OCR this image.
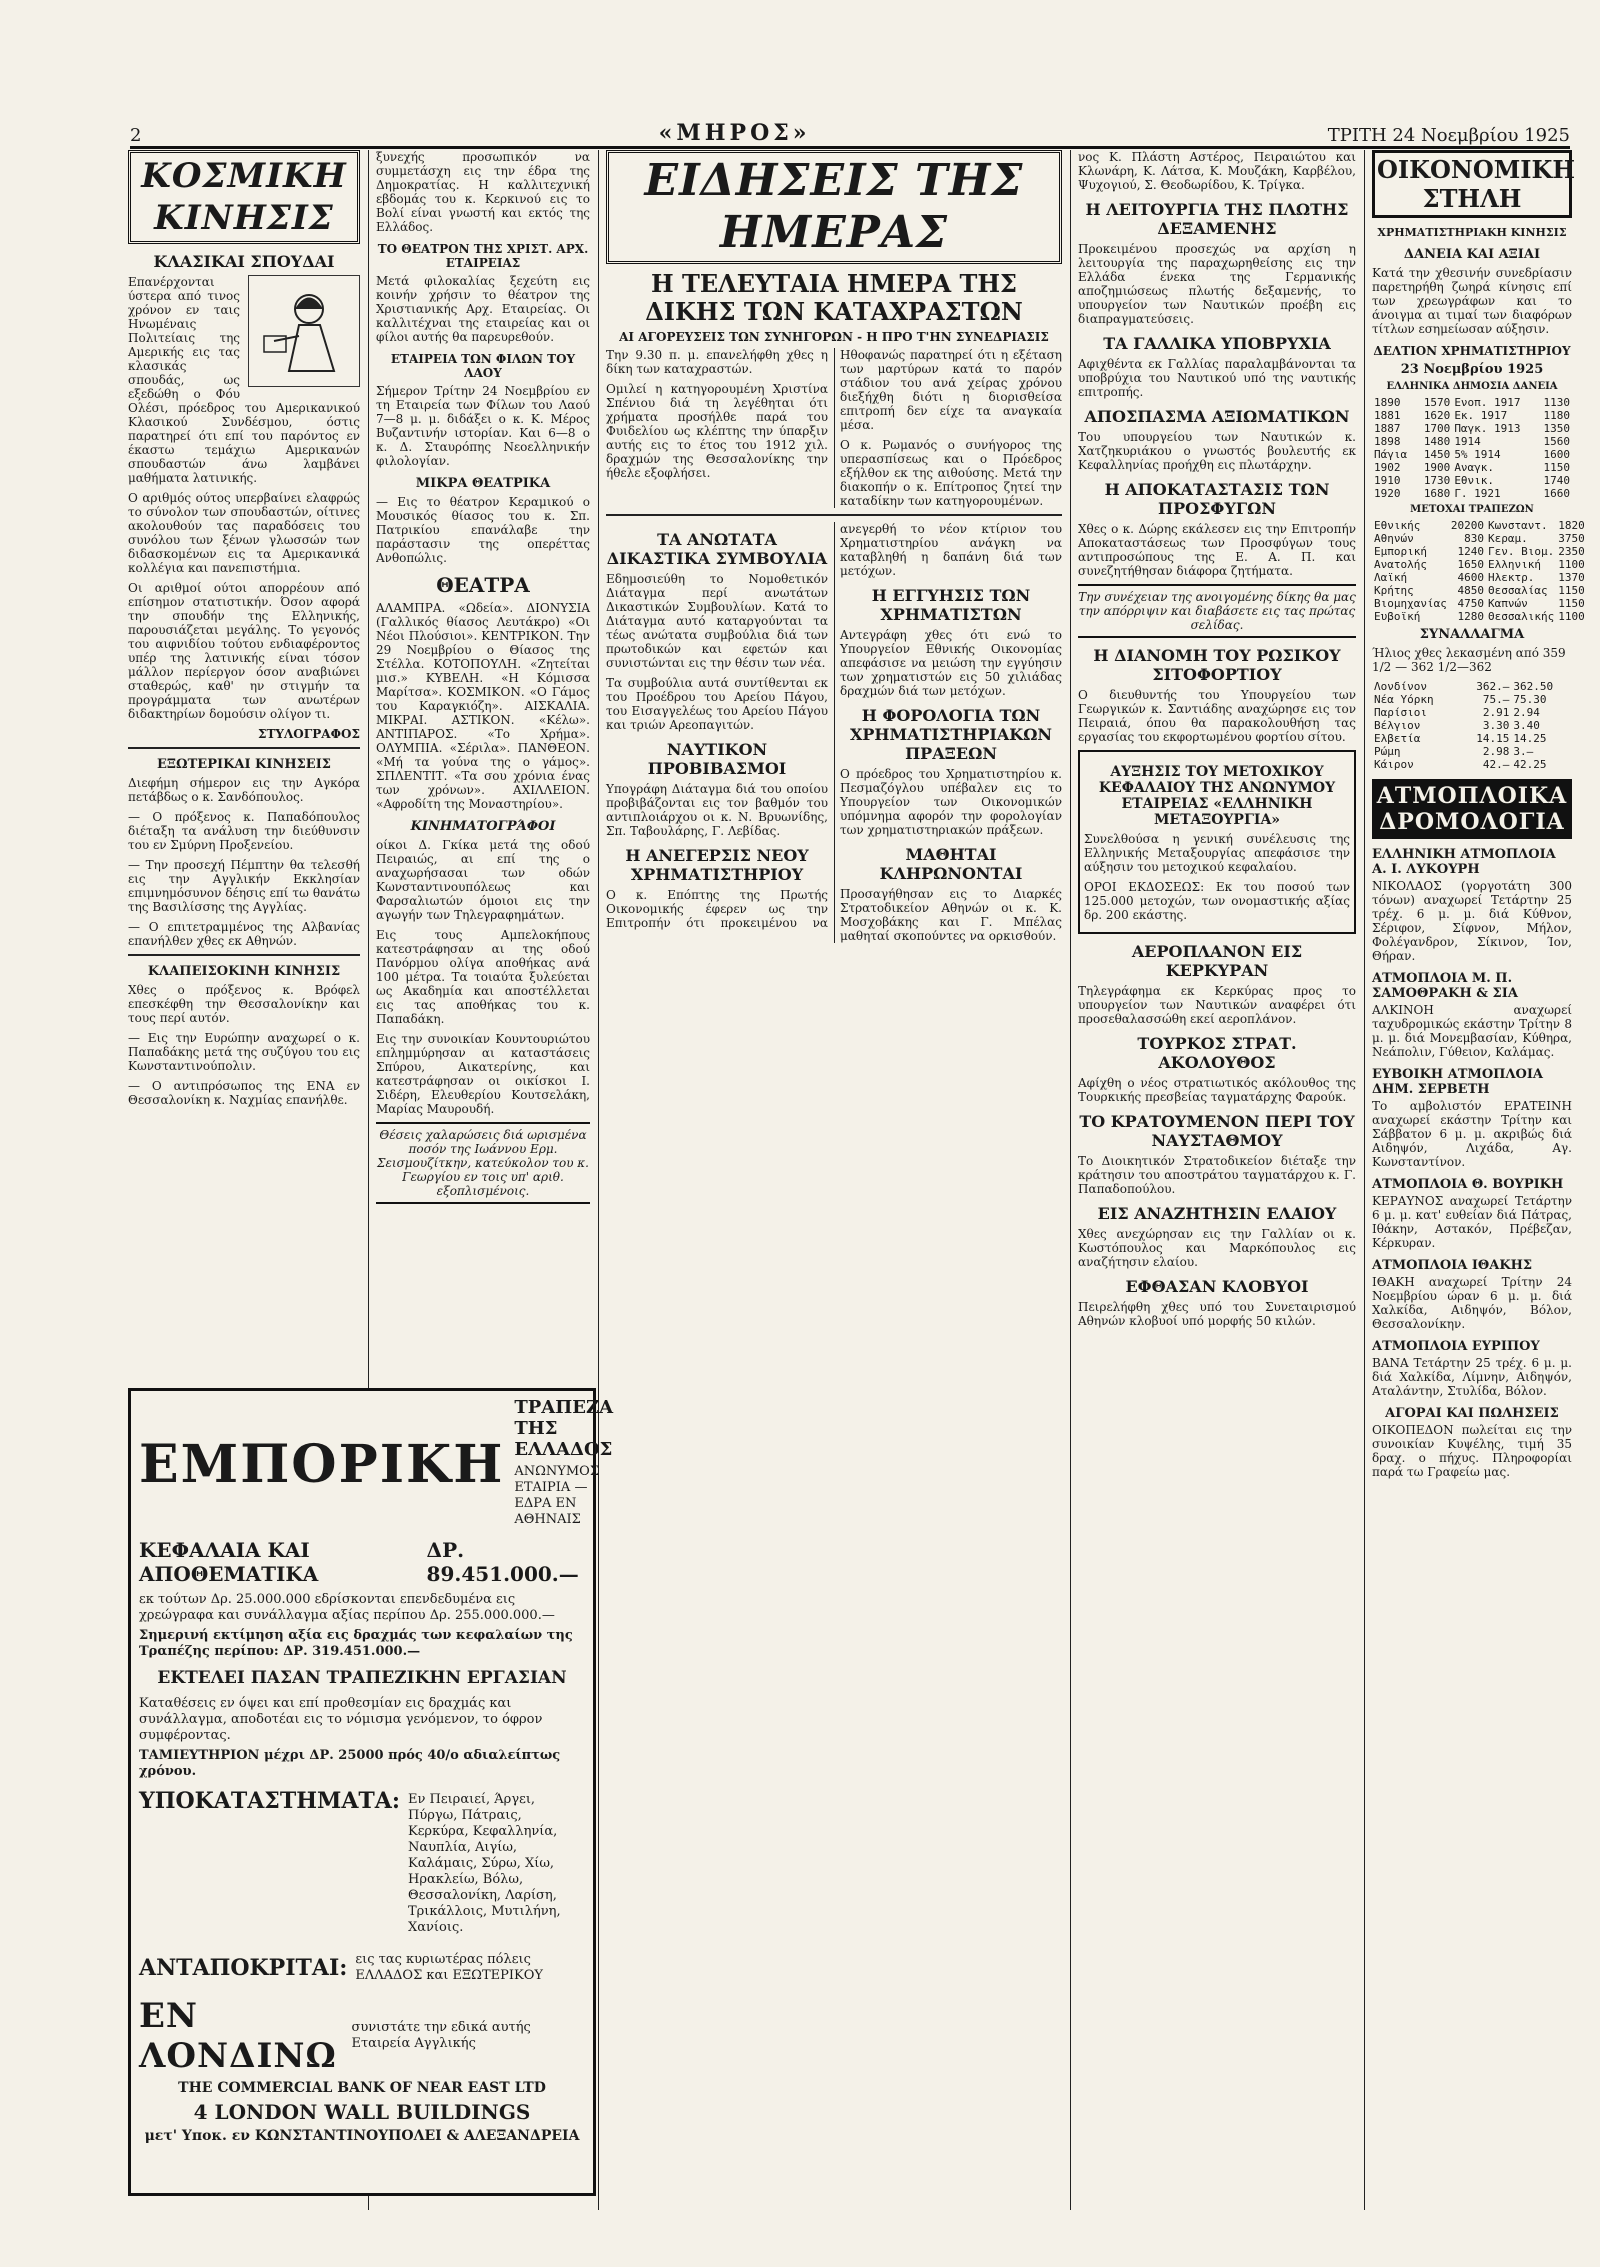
2	«ΜΗΡΟΣ»	ΤΡΙΤΗ 24 Νοεμβρίου 1925
ΚΟΣΜΙΚΗ ΚΙΝΗΣΙΣ
ΚΛΑΣΙΚΑΙ ΣΠΟΥΔΑΙ

Επανέρχονται ύστερα από τινος χρόνον εν ταις Ηνωμέναις Πολιτείαις της Αμερικής εις τας κλασικάς σπουδάς, ως εξεδώθη ο Φόυ Ολέσι, πρόεδρος του Αμερικανικού Κλασικού Συνδέσμου, όστις παρατηρεί ότι επί του παρόντος εν έκαστω τεμάχιω Αμερικανών σπουδαστών άνω λαμβάνει μαθήματα λατινικής.

Ο αριθμός ούτος υπερβαίνει ελαφρώς το σύνολον των σπουδαστών, οίτινες ακολουθούν τας παραδόσεις του συνόλου των ξένων γλωσσών των διδασκομένων εις τα Αμερικανικά κολλέγια και πανεπιστήμια.

Οι αριθμοί ούτοι απορρέουν από επίσημον στατιστικήν. Όσον αφορά την σπουδήν της Ελληνικής, παρουσιάζεται μεγάλης. Το γεγονός του αιφνιδίου τούτου ενδιαφέροντος υπέρ της λατινικής είναι τόσον μάλλον περίεργον όσον αναβιώνει σταθερώς, καθ' ην στιγμήν τα προγράμματα των ανωτέρων διδακτηρίων δομούσιν ολίγον τι.

ΣΤΥΛΟΓΡΑΦΟΣ

ΕΞΩΤΕΡΙΚΑΙ ΚΙΝΗΣΕΙΣ

Διεφήμη σήμερον εις την Αγκόρα πετάβδως ο κ. Σανδόπουλος.

— Ο πρόξενος κ. Παπαδόπουλος διέταξη τα ανάλυση την διεύθυνσιν του εν Σμύρνη Προξενείου.

— Την προσεχή Πέμπτην θα τελεσθή εις την Αγγλικήν Εκκλησίαν επιμνημόσυνον δέησις επί τω θανάτω της Βασιλίσσης της Αγγλίας.

— Ο επιτετραμμένος της Αλβανίας επανήλθεν χθες εκ Αθηνών.

ΚΛΑΠΕΙΣΟΚΙΝΗ ΚΙΝΗΣΙΣ

Χθες ο πρόξενος κ. Βρόφελ επεσκέφθη την Θεσσαλονίκην και τους περί αυτόν.

— Εις την Ευρώπην αναχωρεί ο κ. Παπαδάκης μετά της συζύγου του εις Κωνσταντινούπολιν.

— Ο αντιπρόσωπος της ΕΝΑ εν Θεσσαλονίκη κ. Ναχμίας επανήλθε.

ξυνεχής προσωπικόν να συμμετάσχη εις την έδρα της Δημοκρατίας. Η καλλιτεχνική εβδομάς του κ. Κερκινού εις το Βολί είναι γνωστή και εκτός της Ελλάδος.

ΤΟ ΘΕΑΤΡΟΝ ΤΗΣ ΧΡΙΣΤ. ΑΡΧ. ΕΤΑΙΡΕΙΑΣ

Μετά φιλοκαλίας ξεχεύτη εις κοινήν χρήσιν το θέατρον της Χριστιανικής Αρχ. Εταιρείας. Οι καλλιτέχναι της εταιρείας και οι φίλοι αυτής θα παρευρεθούν.

ΕΤΑΙΡΕΙΑ ΤΩΝ ΦΙΛΩΝ ΤΟΥ ΛΑΟΥ

Σήμερον Τρίτην 24 Νοεμβρίου εν τη Εταιρεία των Φίλων του Λαού 7—8 μ. μ. διδάξει ο κ. Κ. Μέρος Βυζαντινήν ιστορίαν. Και 6—8 ο κ. Δ. Σταυρόπης Νεοελληνικήν φιλολογίαν.

ΜΙΚΡΑ ΘΕΑΤΡΙΚΑ

— Εις το θέατρον Κεραμικού ο Μουσικός θίασος του κ. Σπ. Πατρικίου επανάλαβε την παράστασιν της οπερέττας Ανθοπώλις.

ΘΕΑΤΡΑ

ΑΛΑΜΠΡΑ. «Ωδεία». ΔΙΟΝΥΣΙΑ (Γαλλικός θίασος Λευτάκρο) «Οι Νέοι Πλούσιοι». ΚΕΝΤΡΙΚΟΝ. Την 29 Νοεμβρίου ο Θίασος της Στέλλα. ΚΟΤΟΠΟΥΛΗ. «Ζητείται μισ.» ΚΥΒΕΛΗ. «Η Κόμισσα Μαρίτσα». ΚΟΣΜΙΚΟΝ. «Ο Γάμος του Καραγκιόζη». ΑΙΣΚΑΛΙΑ. ΜΙΚΡΑΙ. ΑΣΤΙΚΟΝ. «Κέλω». ΑΝΤΙΠΑΡΟΣ. «Το Χρήμα». ΟΛΥΜΠΙΑ. «Σέριλα». ΠΑΝΘΕΟΝ. «Μή τα γούνα της ο γάμος». ΣΠΛΕΝΤΙΤ. «Τα σου χρόνια ένας των χρόνων». ΑΧΙΛΛΕΙΟΝ. «Αφροδίτη της Μοναστηρίου».

ΚΙΝΗΜΑΤΟΓΡΆΦΟΙ

οίκοι Δ. Γκίκα μετά της οδού Πειραιώς, αι επί της ο αναχωρήσασαι των οδών Κωνσταντινουπόλεως και Φαρσαλιωτών όμοιοι εις την αγωγήν των Τηλεγραφημάτων.

Εις τους Αμπελοκήπους κατεστράφησαν αι της οδού Πανόρμου ολίγα αποθήκας ανά 100 μέτρα. Τα τοιαύτα ξυλεύεται ως Ακαδημία και αποστέλλεται εις τας αποθήκας του κ. Παπαδάκη.

Εις την συνοικίαν Κουντουριώτου επλημμύρησαν αι καταστάσεις Σπύρου, Αικατερίνης, και κατεστράφησαν οι οικίσκοι Ι. Σιδέρη, Ελευθερίου Κουτσελάκη, Μαρίας Μαυρουδή.

Θέσεις χαλαρώσεις διά ωρισμένα ποσόν της Ιωάννου Ερμ. Σεισμουζίτκην, κατεύκολον του κ. Γεωργίου εν τοις υπ' αριθ. εξοπλισμένοις.
ΕΜΠΟΡΙΚΗ
ΤΡΑΠΕΖΑ ΤΗΣ ΕΛΛΑΔΟΣ
ΑΝΩΝΥΜΟΣ ΕΤΑΙΡΙΑ — ΕΔΡΑ ΕΝ ΑΘΗΝΑΙΣ
ΚΕΦΑΛΑΙΑ ΚΑΙ ΑΠΟΘΕΜΑΤΙΚΑ
ΔΡ. 89.451.000.—
εκ τούτων Δρ. 25.000.000 εδρίσκονται επενδεδυμένα εις χρεώγραφα και συνάλλαγμα αξίας περίπου Δρ. 255.000.000.—
Σημερινή εκτίμηση αξία εις δραχμάς των κεφαλαίων της Τραπέζης περίπου: ΔΡ. 319.451.000.—
ΕΚΤΕΛΕΙ ΠΑΣΑΝ ΤΡΑΠΕΖΙΚΗΝ ΕΡΓΑΣΙΑΝ
Καταθέσεις εν όψει και επί προθεσμίαν εις δραχμάς και συνάλλαγμα, αποδοτέαι εις το νόμισμα γενόμενον, το όφρον συμφέροντας.
ΤΑΜΙΕΥΤΗΡΙΟΝ μέχρι ΔΡ. 25000 πρός 40/ο αδιαλείπτως χρόνου.
ΥΠΟΚΑΤΑΣΤΗΜΑΤΑ: Εν Πειραιεί, Άργει, Πύργω, Πάτραις, Κερκύρα, Κεφαλληνία, Ναυπλία, Αιγίω, Καλάμαις, Σύρω, Χίω, Ηρακλείω, Βόλω, Θεσσαλονίκη, Λαρίση, Τρικάλλοις, Μυτιλήνη, Χανίοις.
ΑΝΤΑΠΟΚΡΙΤΑΙ: εις τας κυριωτέρας πόλεις ΕΛΛΑΔΟΣ και ΕΞΩΤΕΡΙΚΟΥ
ΕΝ ΛΟΝΔΙΝΩ
συνιστάτε την εδικά αυτής Εταιρεία Αγγλικής
THE COMMERCIAL BANK OF NEAR EAST LTD
4 LONDON WALL BUILDINGS
μετ' Υποκ. εν ΚΩΝΣΤΑΝΤΙΝΟΥΠΟΛΕΙ & ΑΛΕΞΑΝΔΡΕΙΑ
ΕΙΔΗΣΕΙΣ ΤΗΣ ΗΜΕΡΑΣ
Η ΤΕΛΕΥΤΑΙΑ ΗΜΕΡΑ ΤΗΣ ΔΙΚΗΣ ΤΩΝ ΚΑΤΑΧΡΑΣΤΩΝ
ΑΙ ΑΓΟΡΕΥΣΕΙΣ ΤΩΝ ΣΥΝΗΓΟΡΩΝ - Η ΠΡΟ Τ'ΗΝ ΣΥΝΕΔΡΙΑΣΙΣ

Την 9.30 π. μ. επανελήφθη χθες η δίκη των καταχραστών.

Ομιλεί η κατηγορουμένη Χριστίνα Σπένιου διά τη λεγέθηται ότι χρήματα προσήλθε παρά του Φυιδελίου ως κλέπτης την ύπαρξιν αυτής εις το έτος του 1912 χιλ. δραχμών της Θεσσαλονίκης την ήθελε εξοφλήσει.

Ηθοφανώς παρατηρεί ότι η εξέταση των μαρτύρων κατά το παρόν στάδιον του ανά χείρας χρόνου διεξήχθη διότι η διορισθείσα επιτροπή δεν είχε τα αναγκαία μέσα.

Ο κ. Ρωμανός ο συνήγορος της υπερασπίσεως και ο Πρόεδρος εξήλθον εκ της αιθούσης. Μετά την διακοπήν ο κ. Επίτροπος ζητεί την καταδίκην των κατηγορουμένων.

ΤΑ ΑΝΩΤΑΤΑ ΔΙΚΑΣΤΙΚΑ ΣΥΜΒΟΥΛΙΑ

Εδημοσιεύθη το Νομοθετικόν Διάταγμα περί ανωτάτων Δικαστικών Συμβουλίων. Κατά το Διάταγμα αυτό καταργούνται τα τέως ανώτατα συμβούλια διά των πρωτοδικών και εφετών και συνιστώνται εις την θέσιν των νέα.

Τα συμβούλια αυτά συντίθενται εκ του Προέδρου του Αρείου Πάγου, του Εισαγγελέως του Αρείου Πάγου και τριών Αρεοπαγιτών.

ΝΑΥΤΙΚΟΝ ΠΡΟΒΙΒΑΣΜΟΙ

Υπογράφη Διάταγμα διά του οποίου προβιβάζονται εις τον βαθμόν του αντιπλοιάρχου οι κ. Ν. Βρυωνίδης, Σπ. Ταβουλάρης, Γ. Λεβίδας.

Η ΑΝΕΓΕΡΣΙΣ ΝΕΟΥ ΧΡΗΜΑΤΙΣΤΗΡΙΟΥ

Ο κ. Επόπτης της Πρωτής Οικονομικής έφερεν ως την Επιτροπήν ότι προκειμένου να ανεγερθή το νέον κτίριον του Χρηματιστηρίου ανάγκη να καταβληθή η δαπάνη διά των μετόχων.

Η ΕΓΓΥΗΣΙΣ ΤΩΝ ΧΡΗΜΑΤΙΣΤΩΝ

Αντεγράφη χθες ότι ενώ το Υπουργείον Εθνικής Οικονομίας απεφάσισε να μειώση την εγγύησιν των χρηματιστών εις 50 χιλιάδας δραχμών διά των μετόχων.

Η ΦΟΡΟΛΟΓΙΑ ΤΩΝ ΧΡΗΜΑΤΙΣΤΗΡΙΑΚΩΝ ΠΡΑΞΕΩΝ

Ο πρόεδρος του Χρηματιστηρίου κ. Πεσμαζόγλου υπέβαλεν εις το Υπουργείον των Οικονομικών υπόμνημα αφορόν την φορολογίαν των χρηματιστηριακών πράξεων.

ΜΑΘΗΤΑΙ ΚΛΗΡΩΝΟΝΤΑΙ

Προσαγήθησαν εις το Διαρκές Στρατοδικείον Αθηνών οι κ. Κ. Μοσχοβάκης και Γ. Μπέλας μαθηταί σκοπούντες να ορκισθούν.

νος Κ. Πλάστη Αστέρος, Πειραιώτου και Κλωνάρη, Κ. Λάτσα, Κ. Μουζάκη, Καρβέλου, Ψυχογιού, Σ. Θεοδωρίδου, Κ. Τρίγκα.

Η ΛΕΙΤΟΥΡΓΙΑ ΤΗΣ ΠΛΩΤΗΣ ΔΕΞΑΜΕΝΗΣ

Προκειμένου προσεχώς να αρχίση η λειτουργία της παραχωρηθείσης εις την Ελλάδα ένεκα της Γερμανικής αποζημιώσεως πλωτής δεξαμενής, το υπουργείον των Ναυτικών προέβη εις διαπραγματεύσεις.

ΤΑ ΓΑΛΛΙΚΑ ΥΠΟΒΡΥΧΙΑ

Αφιχθέντα εκ Γαλλίας παραλαμβάνονται τα υποβρύχια του Ναυτικού υπό της ναυτικής επιτροπής.

ΑΠΟΣΠΑΣΜΑ ΑΞΙΩΜΑΤΙΚΩΝ

Του υπουργείου των Ναυτικών κ. Χατζηκυριάκου ο γνωστός βουλευτής εκ Κεφαλληνίας προήχθη εις πλωτάρχην.

Η ΑΠΟΚΑΤΑΣΤΑΣΙΣ ΤΩΝ ΠΡΟΣΦΥΓΩΝ

Χθες ο κ. Δώρης εκάλεσεν εις την Επιτροπήν Αποκαταστάσεως των Προσφύγων τους αντιπροσώπους της Ε. Α. Π. και συνεζητήθησαν διάφορα ζητήματα.

Την συνέχειαν της ανοιγομένης δίκης θα μας την απόρριψιν και διαβάσετε εις τας πρώτας σελίδας.
Η ΔΙΑΝΟΜΗ ΤΟΥ ΡΩΣΙΚΟΥ ΣΙΤΟΦΟΡΤΙΟΥ

Ο διευθυντής του Υπουργείου των Γεωργικών κ. Σαντιάδης αναχώρησε εις τον Πειραιά, όπου θα παρακολουθήση τας εργασίας του εκφορτωμένου φορτίου σίτου.

ΑΥΞΗΣΙΣ ΤΟΥ ΜΕΤΟΧΙΚΟΥ ΚΕΦΑΛΑΙΟΥ ΤΗΣ ΑΝΩΝΥΜΟΥ ΕΤΑΙΡΕΙΑΣ «ΕΛΛΗΝΙΚΗ ΜΕΤΑΞΟΥΡΓΙΑ»

Συνελθούσα η γενική συνέλευσις της Ελληνικής Μεταξουργίας απεφάσισε την αύξησιν του μετοχικού κεφαλαίου.

ΟΡΟΙ ΕΚΔΟΣΕΩΣ: Εκ του ποσού των 125.000 μετοχών, των ονομαστικής αξίας δρ. 200 εκάστης.

ΑΕΡΟΠΛΑΝΟΝ ΕΙΣ ΚΕΡΚΥΡΑΝ

Τηλεγράφημα εκ Κερκύρας προς το υπουργείον των Ναυτικών αναφέρει ότι προσεθαλασσώθη εκεί αεροπλάνον.

ΤΟΥΡΚΟΣ ΣΤΡΑΤ. ΑΚΟΛΟΥΘΟΣ

Αφίχθη ο νέος στρατιωτικός ακόλουθος της Τουρκικής πρεσβείας ταγματάρχης Φαρούκ.

ΤΟ ΚΡΑΤΟΥΜΕΝΟΝ ΠΕΡΙ ΤΟΥ ΝΑΥΣΤΑΘΜΟΥ

Το Διοικητικόν Στρατοδικείον διέταξε την κράτησιν του αποστράτου ταγματάρχου κ. Γ. Παπαδοπούλου.

ΕΙΣ ΑΝΑΖΗΤΗΣΙΝ ΕΛΑΙΟΥ

Χθες ανεχώρησαν εις την Γαλλίαν οι κ. Κωστόπουλος και Μαρκόπουλος εις αναζήτησιν ελαίου.

ΕΦΘΑΣΑΝ ΚΛΟΒΥΟΙ

Πειρελήφθη χθες υπό του Συνεταιρισμού Αθηνών κλοβυοί υπό μορφής 50 κιλών.

ΟΙΚΟΝΟΜΙΚΗ ΣΤΗΛΗ
ΧΡΗΜΑΤΙΣΤΗΡΙΑΚΗ ΚΙΝΗΣΙΣ
ΔΑΝΕΙΑ ΚΑΙ ΑΞΙΑΙ

Κατά την χθεσινήν συνεδρίασιν παρετηρήθη ζωηρά κίνησις επί των χρεωγράφων και το άνοιγμα αι τιμαί των διαφόρων τίτλων εσημείωσαν αύξησιν.

ΔΕΛΤΙΟΝ ΧΡΗΜΑΤΙΣΤΗΡΙΟΥ
23 Νοεμβρίου 1925
ΕΛΛΗΝΙΚΑ ΔΗΜΟΣΙΑ ΔΑΝΕΙΑ
1890	1570	Ενοπ. 1917	1130
1881	1620	Εκ. 1917	1180
1887	1700	Παγκ. 1913	1350
1898	1480	1914	1560
Πάγια	1450	5% 1914	1600
1902	1900	Αναγκ.	1150
1910	1730	Εθνικ.	1740
1920	1680	Γ. 1921	1660
ΜΕΤΟΧΑΙ ΤΡΑΠΕΖΩΝ
Εθνικής	20200	Κωνσταντ.	1820
Αθηνών	830	Κεραμ.	3750
Εμπορική	1240	Γεν. Βιομ.	2350
Ανατολής	1650	Ελληνική	1100
Λαϊκή	4600	Ηλεκτρ.	1370
Κρήτης	4850	Θεσσαλίας	1150
Βιομηχανίας	4750	Καπνών	1150
Ευβοϊκή	1280	Θεσσαλικής	1100
ΣΥΝΑΛΛΑΓΜΑ
Ήλιος χθες λεκασμένη από 359 1/2 — 362 1/2—362
Λονδίνον	362.—	362.50
Νέα Υόρκη	75.—	75.30
Παρίσιοι	2.91	2.94
Βέλγιον	3.30	3.40
Ελβετία	14.15	14.25
Ρώμη	2.98	3.—
Κάιρον	42.—	42.25
ΑΤΜΟΠΛΟΙΚΑ ΔΡΟΜΟΛΟΓΙΑ
ΕΛΛΗΝΙΚΗ ΑΤΜΟΠΛΟΙΑ Α. Ι. ΛΥΚΟΥΡΗ

ΝΙΚΟΛΑΟΣ (γοργοτάτη 300 τόνων) αναχωρεί Τετάρτην 25 τρέχ. 6 μ. μ. διά Κύθνον, Σέριφον, Σίφνον, Μήλον, Φολέγανδρον, Σίκινον, Ίον, Θήραν.

ΑΤΜΟΠΛΟΙΑ Μ. Π. ΣΑΜΟΘΡΑΚΗ & ΣΙΑ

ΑΛΚΙΝΟΗ αναχωρεί ταχυδρομικώς εκάστην Τρίτην 8 μ. μ. διά Μονεμβασίαν, Κύθηρα, Νεάπολιν, Γύθειον, Καλάμας.

ΕΥΒΟΙΚΗ ΑΤΜΟΠΛΟΙΑ ΔΗΜ. ΣΕΡΒΕΤΗ

Το αμβολιστόν ΕΡΑΤΕΙΝΗ αναχωρεί εκάστην Τρίτην και Σάββατον 6 μ. μ. ακριβώς διά Αιδηψόν, Λιχάδα, Αγ. Κωνσταντίνον.

ΑΤΜΟΠΛΟΙΑ Θ. ΒΟΥΡΙΚΗ

ΚΕΡΑΥΝΟΣ αναχωρεί Τετάρτην 6 μ. μ. κατ' ευθείαν διά Πάτρας, Ιθάκην, Αστακόν, Πρέβεζαν, Κέρκυραν.

ΑΤΜΟΠΛΟΙΑ ΙΘΑΚΗΣ

ΙΘΑΚΗ αναχωρεί Τρίτην 24 Νοεμβρίου ώραν 6 μ. μ. διά Χαλκίδα, Αιδηψόν, Βόλον, Θεσσαλονίκην.

ΑΤΜΟΠΛΟΙΑ ΕΥΡΙΠΟΥ

ΒΑΝΑ Τετάρτην 25 τρέχ. 6 μ. μ. διά Χαλκίδα, Λίμνην, Αιδηψόν, Αταλάντην, Στυλίδα, Βόλον.

ΑΓΟΡΑΙ ΚΑΙ ΠΩΛΗΣΕΙΣ

ΟΙΚΟΠΕΔΟΝ πωλείται εις την συνοικίαν Κυψέλης, τιμή 35 δραχ. ο πήχυς. Πληροφορίαι παρά τω Γραφείω μας.
